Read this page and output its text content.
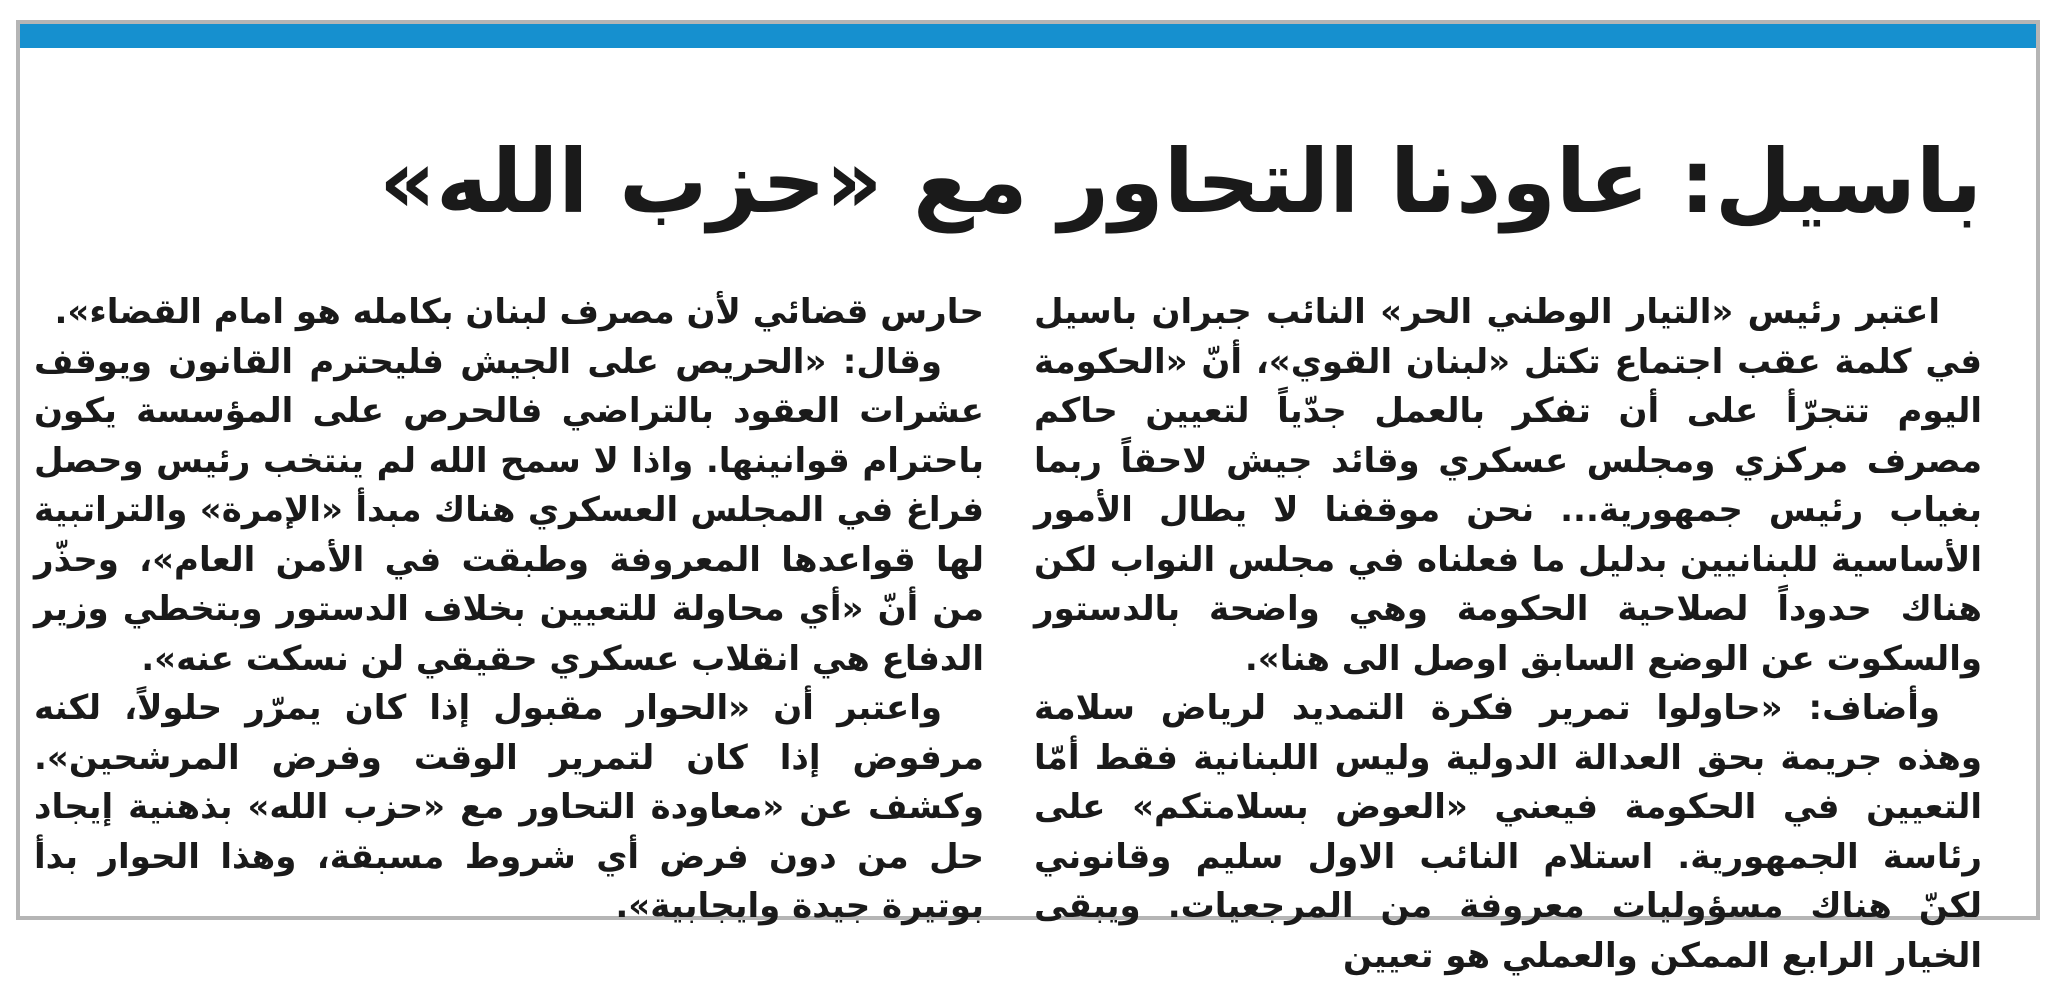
باسيل: عاودنا التحاور مع «حزب الله»

اعتبر رئيس «التيار الوطني الحر» النائب جبران باسيل في كلمة عقب اجتماع تكتل «لبنان القوي»، أنّ «الحكومة اليوم تتجرّأ على أن تفكر بالعمل جدّياً لتعيين حاكم مصرف مركزي ومجلس عسكري وقائد جيش لاحقاً ربما بغياب رئيس جمهورية... نحن موقفنا لا يطال الأمور الأساسية للبنانيين بدليل ما فعلناه في مجلس النواب لكن هناك حدوداً لصلاحية الحكومة وهي واضحة بالدستور والسكوت عن الوضع السابق اوصل الى هنا».

وأضاف: «حاولوا تمرير فكرة التمديد لرياض سلامة وهذه جريمة بحق العدالة الدولية وليس اللبنانية فقط أمّا التعيين في الحكومة فيعني «العوض بسلامتكم» على رئاسة الجمهورية. استلام النائب الاول سليم وقانوني لكنّ هناك مسؤوليات معروفة من المرجعيات. ويبقى الخيار الرابع الممكن والعملي هو تعيين

حارس قضائي لأن مصرف لبنان بكامله هو امام القضاء».

وقال: «الحريص على الجيش فليحترم القانون ويوقف عشرات العقود بالتراضي فالحرص على المؤسسة يكون باحترام قوانينها. واذا لا سمح الله لم ينتخب رئيس وحصل فراغ في المجلس العسكري هناك مبدأ «الإمرة» والتراتبية لها قواعدها المعروفة وطبقت في الأمن العام»، وحذّر من أنّ «أي محاولة للتعيين بخلاف الدستور وبتخطي وزير الدفاع هي انقلاب عسكري حقيقي لن نسكت عنه».

واعتبر أن «الحوار مقبول إذا كان يمرّر حلولاً، لكنه مرفوض إذا كان لتمرير الوقت وفرض المرشحين». وكشف عن «معاودة التحاور مع «حزب الله» بذهنية إيجاد حل من دون فرض أي شروط مسبقة، وهذا الحوار بدأ بوتيرة جيدة وايجابية».
